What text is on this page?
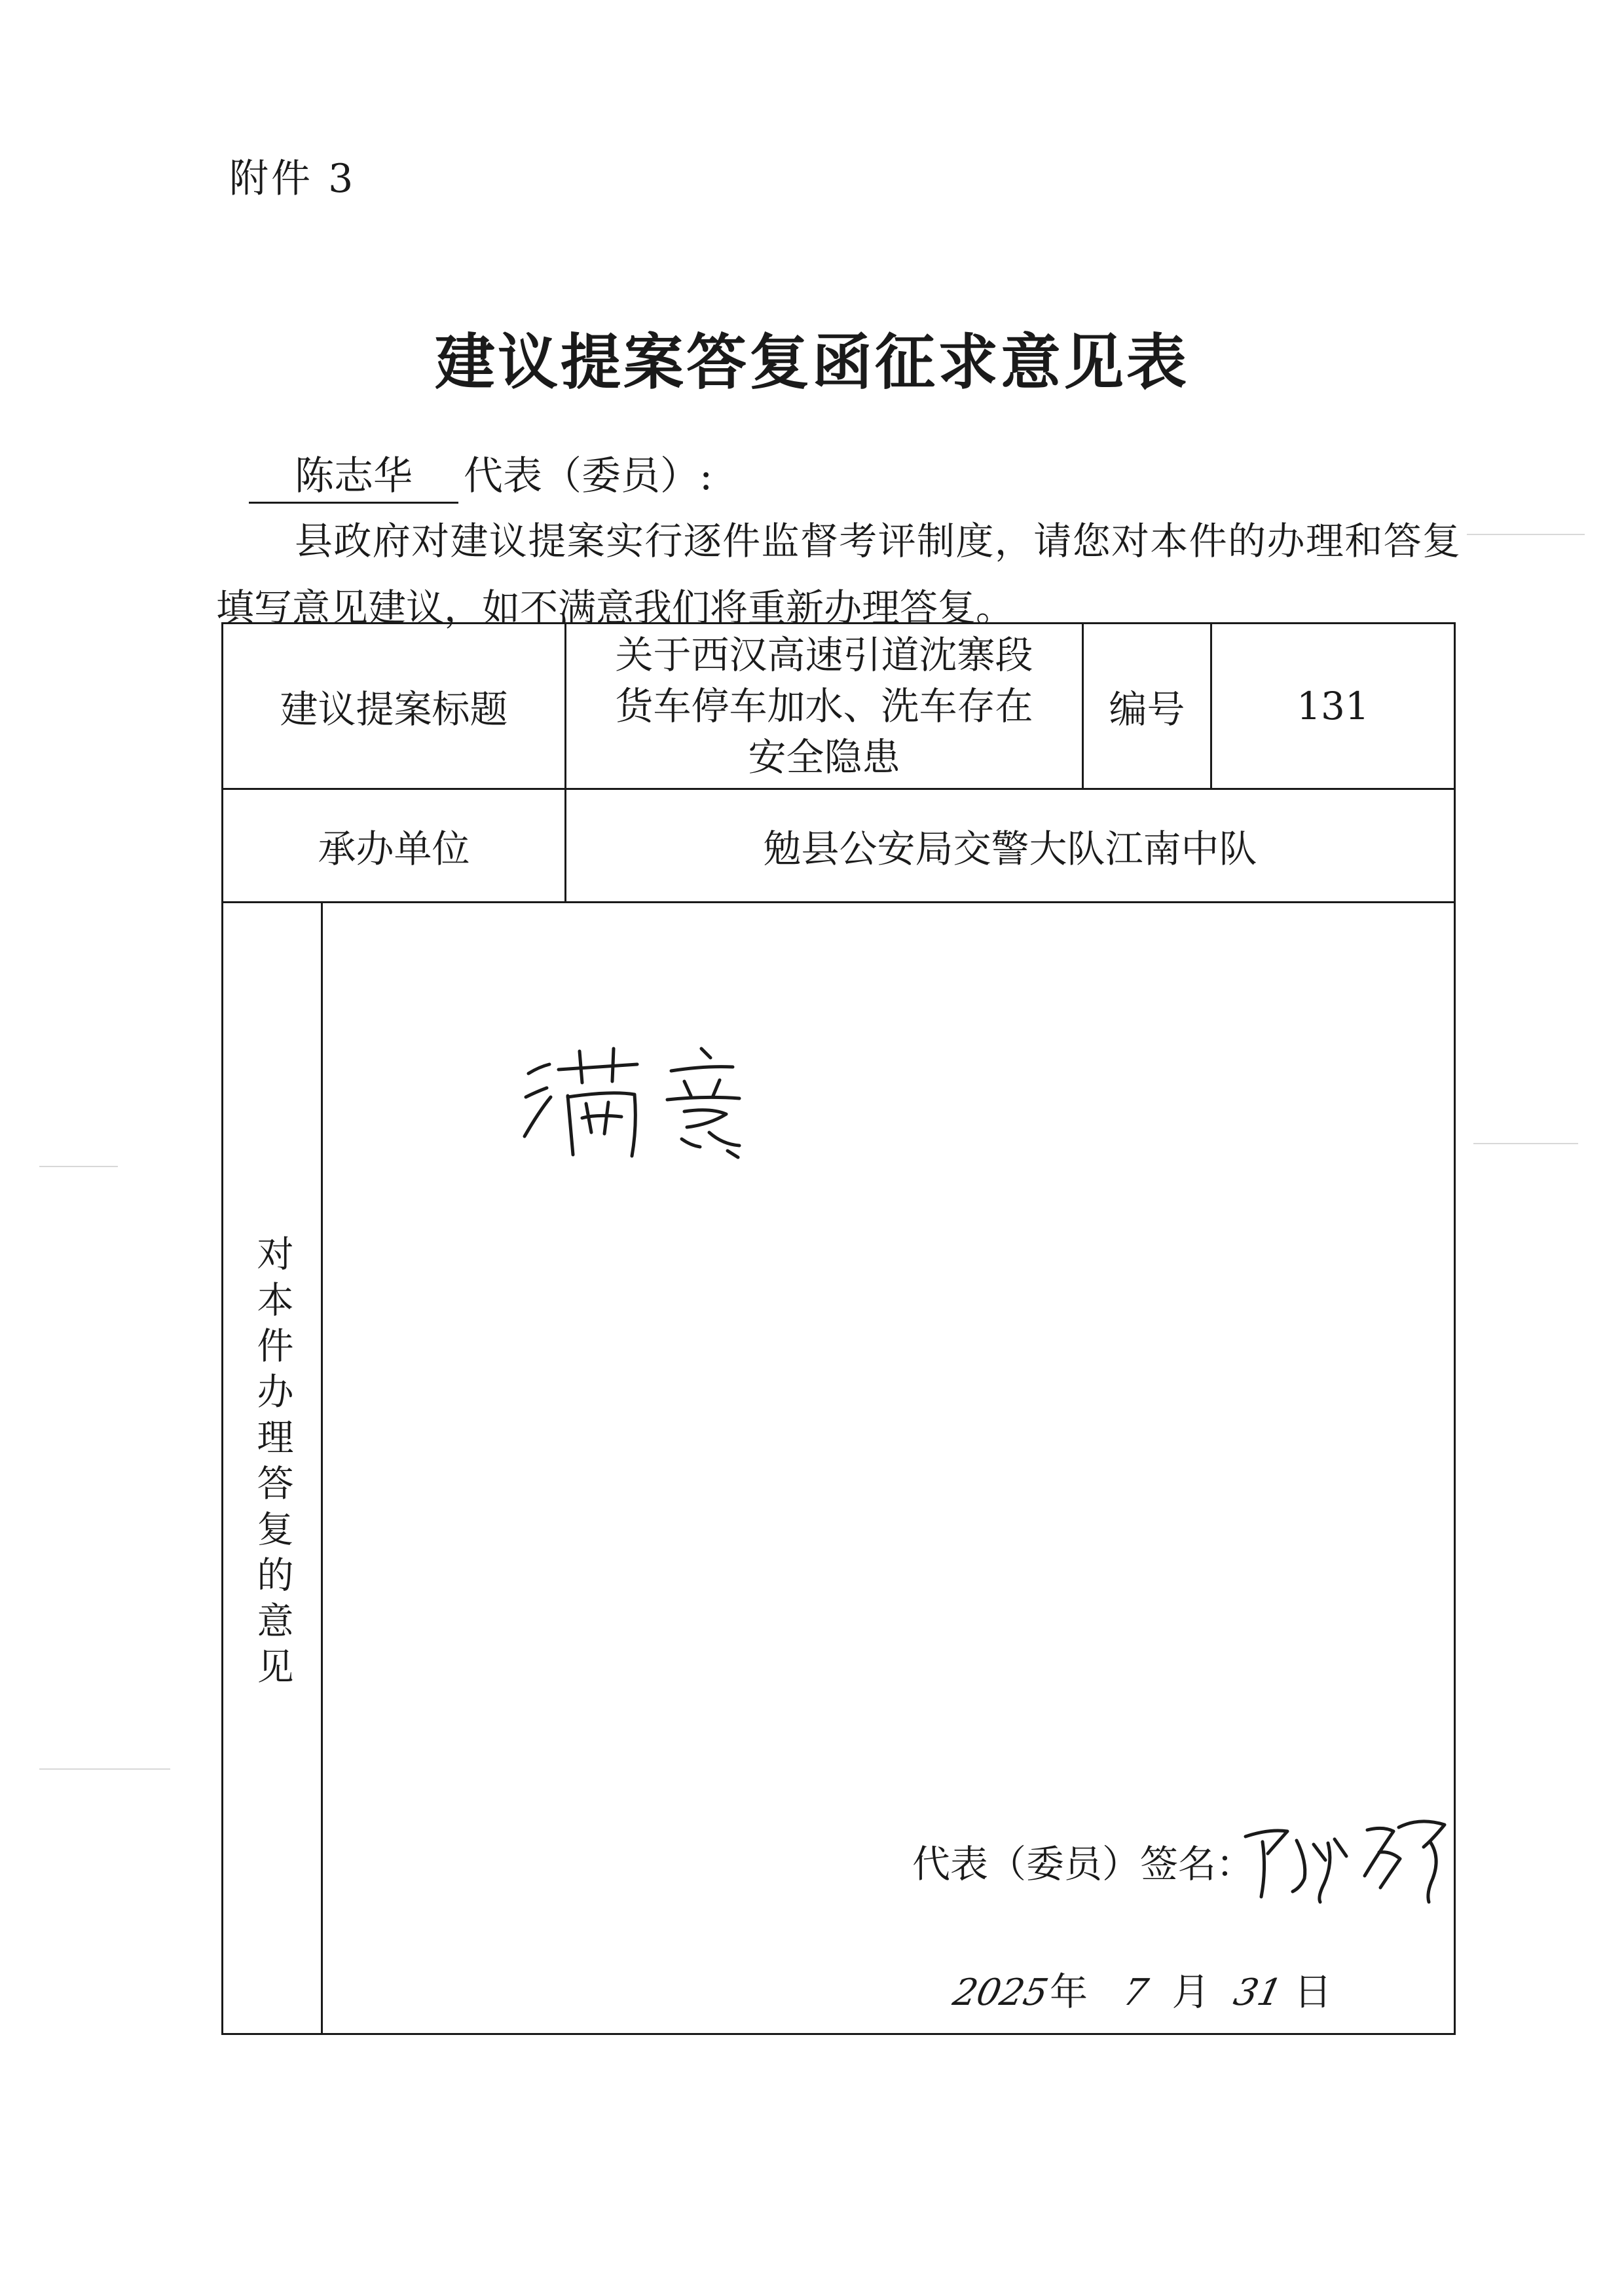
附件 3
建议提案答复函征求意见表
陈志华 代表（委员）:

县政府对建议提案实行逐件监督考评制度，请您对本件的办理和答复填写意见建议，如不满意我们将重新办理答复。

建议提案标题		关于西汉高速引道沈寨段
货车停车加水、洗车存在
安全隐患	编号	131
承办单位		勉县公安局交警大队江南中队		
对本件办理答复的意见	代表（委员）签名：
2025年 7 月 31 日			
